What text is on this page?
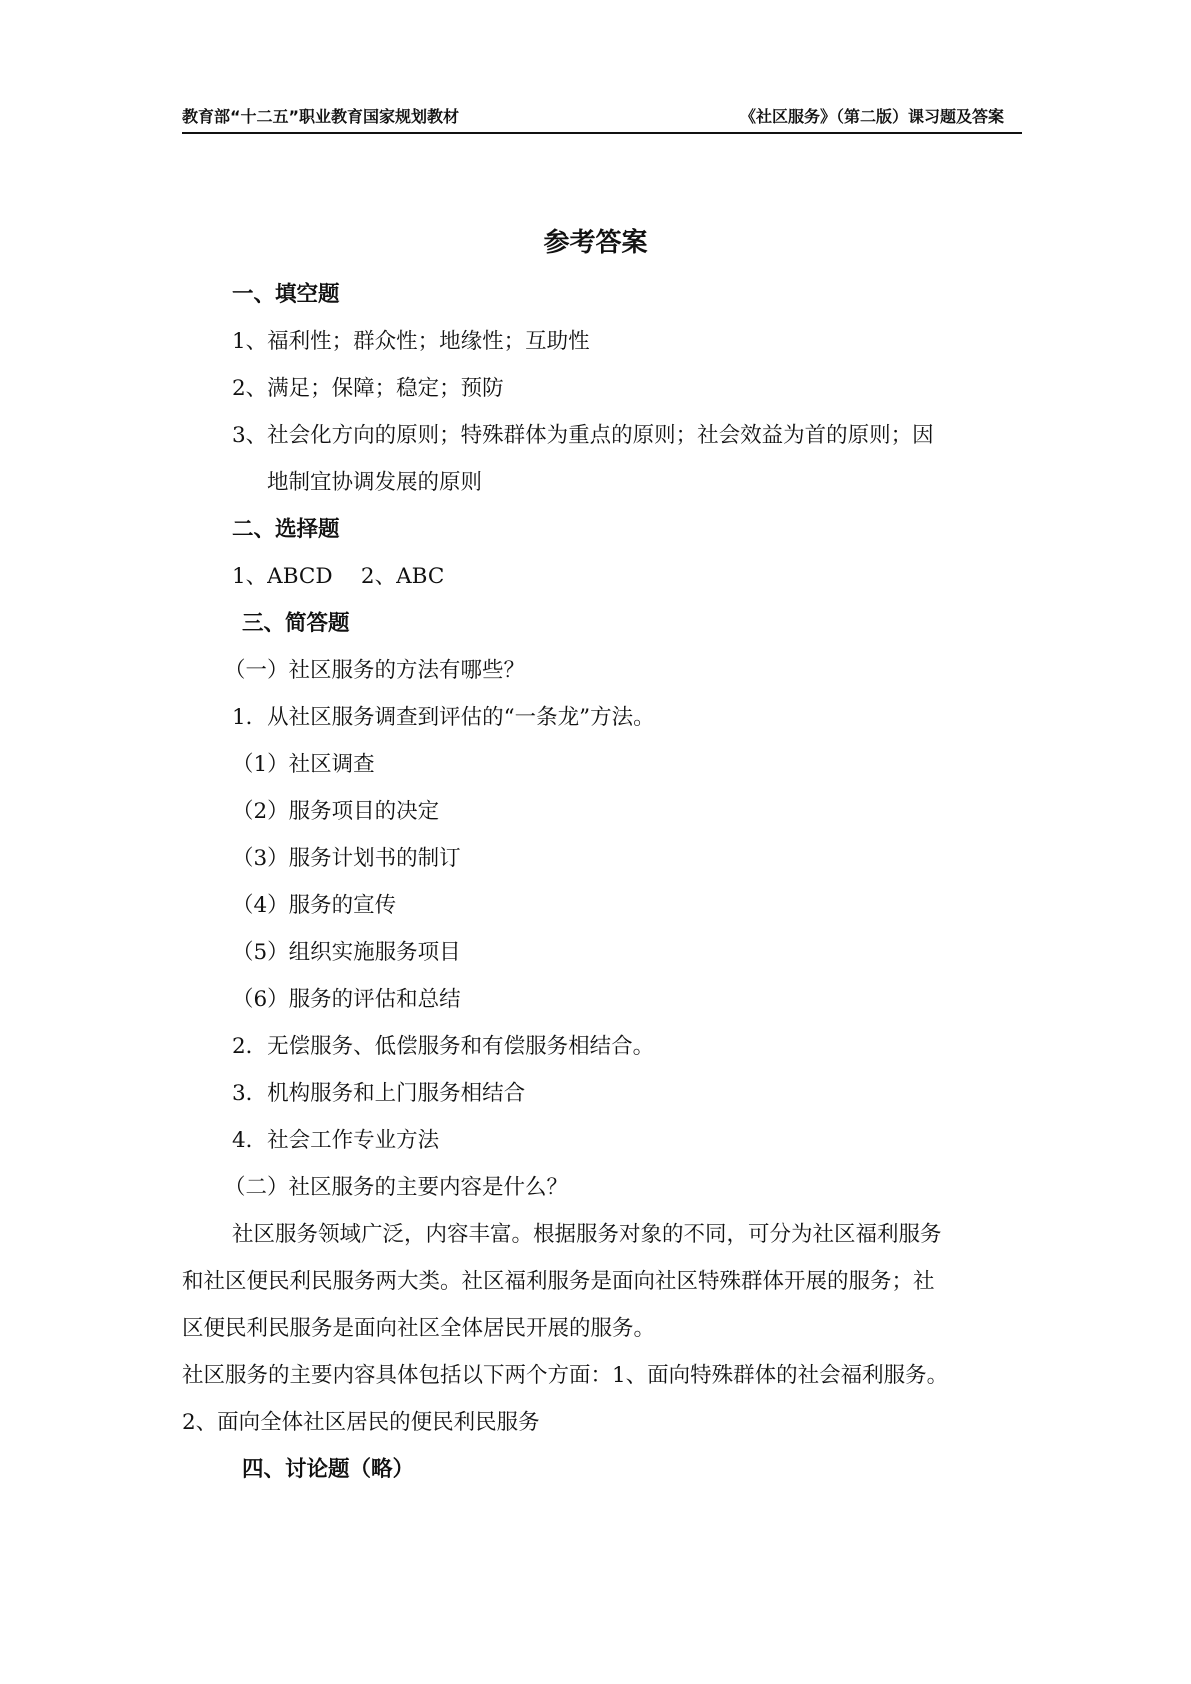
教育部“十二五”职业教育国家规划教材	《社区服务》（第二版）课习题及答案
参考答案
一、填空题
1、福利性；群众性；地缘性；互助性
2、满足；保障；稳定；预防
3、社会化方向的原则；特殊群体为重点的原则；社会效益为首的原则；因
地制宜协调发展的原则
二、选择题
1、ABCD　 2、ABC
三、简答题
（一）社区服务的方法有哪些？
1．从社区服务调查到评估的“一条龙”方法。
（1）社区调查
（2）服务项目的决定
（3）服务计划书的制订
（4）服务的宣传
（5）组织实施服务项目
（6）服务的评估和总结
2．无偿服务、低偿服务和有偿服务相结合。
3．机构服务和上门服务相结合
4．社会工作专业方法
（二）社区服务的主要内容是什么？
社区服务领域广泛，内容丰富。根据服务对象的不同，可分为社区福利服务
和社区便民利民服务两大类。社区福利服务是面向社区特殊群体开展的服务；社
区便民利民服务是面向社区全体居民开展的服务。
社区服务的主要内容具体包括以下两个方面：1、面向特殊群体的社会福利服务。
2、面向全体社区居民的便民利民服务
四、讨论题（略）
